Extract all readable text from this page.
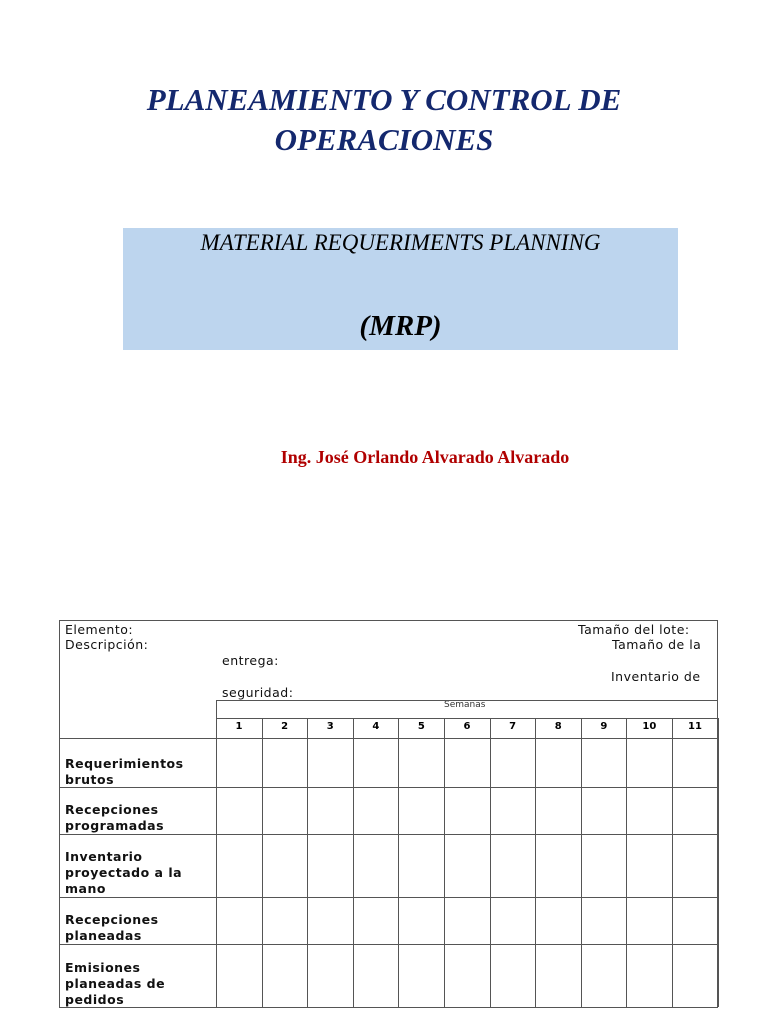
PLANEAMIENTO Y CONTROL DE
OPERACIONES
MATERIAL REQUERIMENTS PLANNING
(MRP)
Ing. José Orlando Alvarado Alvarado
Elemento:
Descripción:
Tamaño del lote:
Tamaño de la
entrega:
Inventario de
seguridad:
Semanas
1	2	3	4	5	6	7	8	9	10	11
Requerimientos brutos
Recepciones programadas
Inventario proyectado a la mano
Recepciones planeadas
Emisiones planeadas de pedidos
